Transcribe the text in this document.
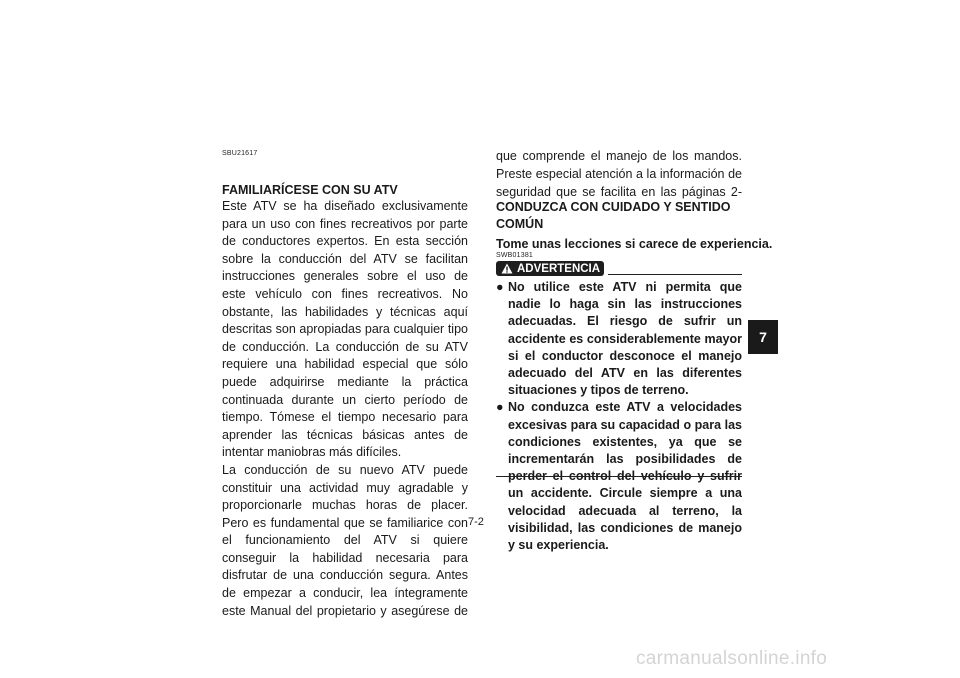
SBU21617
FAMILIARÍCESE CON SU ATV
Este ATV se ha diseñado exclusivamente para un uso con fines recreativos por parte de conductores expertos. En esta sección sobre la conducción del ATV se facilitan instrucciones generales sobre el uso de este vehículo con fines recreativos. No obstante, las habilidades y técnicas aquí descritas son apropiadas para cualquier tipo de conducción. La conducción de su ATV requiere una habilidad especial que sólo puede adquirirse mediante la práctica continuada durante un cierto período de tiempo. Tómese el tiempo necesario para aprender las técnicas básicas antes de intentar maniobras más difíciles.
La conducción de su nuevo ATV puede constituir una actividad muy agradable y proporcionarle muchas horas de placer. Pero es fundamental que se familiarice con el funcionamiento del ATV si quiere conseguir la habilidad necesaria para disfrutar de una conducción segura. Antes de empezar a conducir, lea íntegramente este Manual del propietario y asegúrese de
que comprende el manejo de los mandos. Preste especial atención a la información de seguridad que se facilita en las páginas 2-
CONDUZCA CON CUIDADO Y SENTIDO COMÚN
Tome unas lecciones si carece de experiencia.
SWB01381
ADVERTENCIA
● No utilice este ATV ni permita que nadie lo haga sin las instrucciones adecuadas. El riesgo de sufrir un accidente es considerablemente mayor si el conductor desconoce el manejo adecuado del ATV en las diferentes situaciones y tipos de terreno.
● No conduzca este ATV a velocidades excesivas para su capacidad o para las condiciones existentes, ya que se incrementarán las posibilidades de perder el control del vehículo y sufrir un accidente. Circule siempre a una velocidad adecuada al terreno, la visibilidad, las condiciones de manejo y su experiencia.
7-2
7
carmanualsonline.info
